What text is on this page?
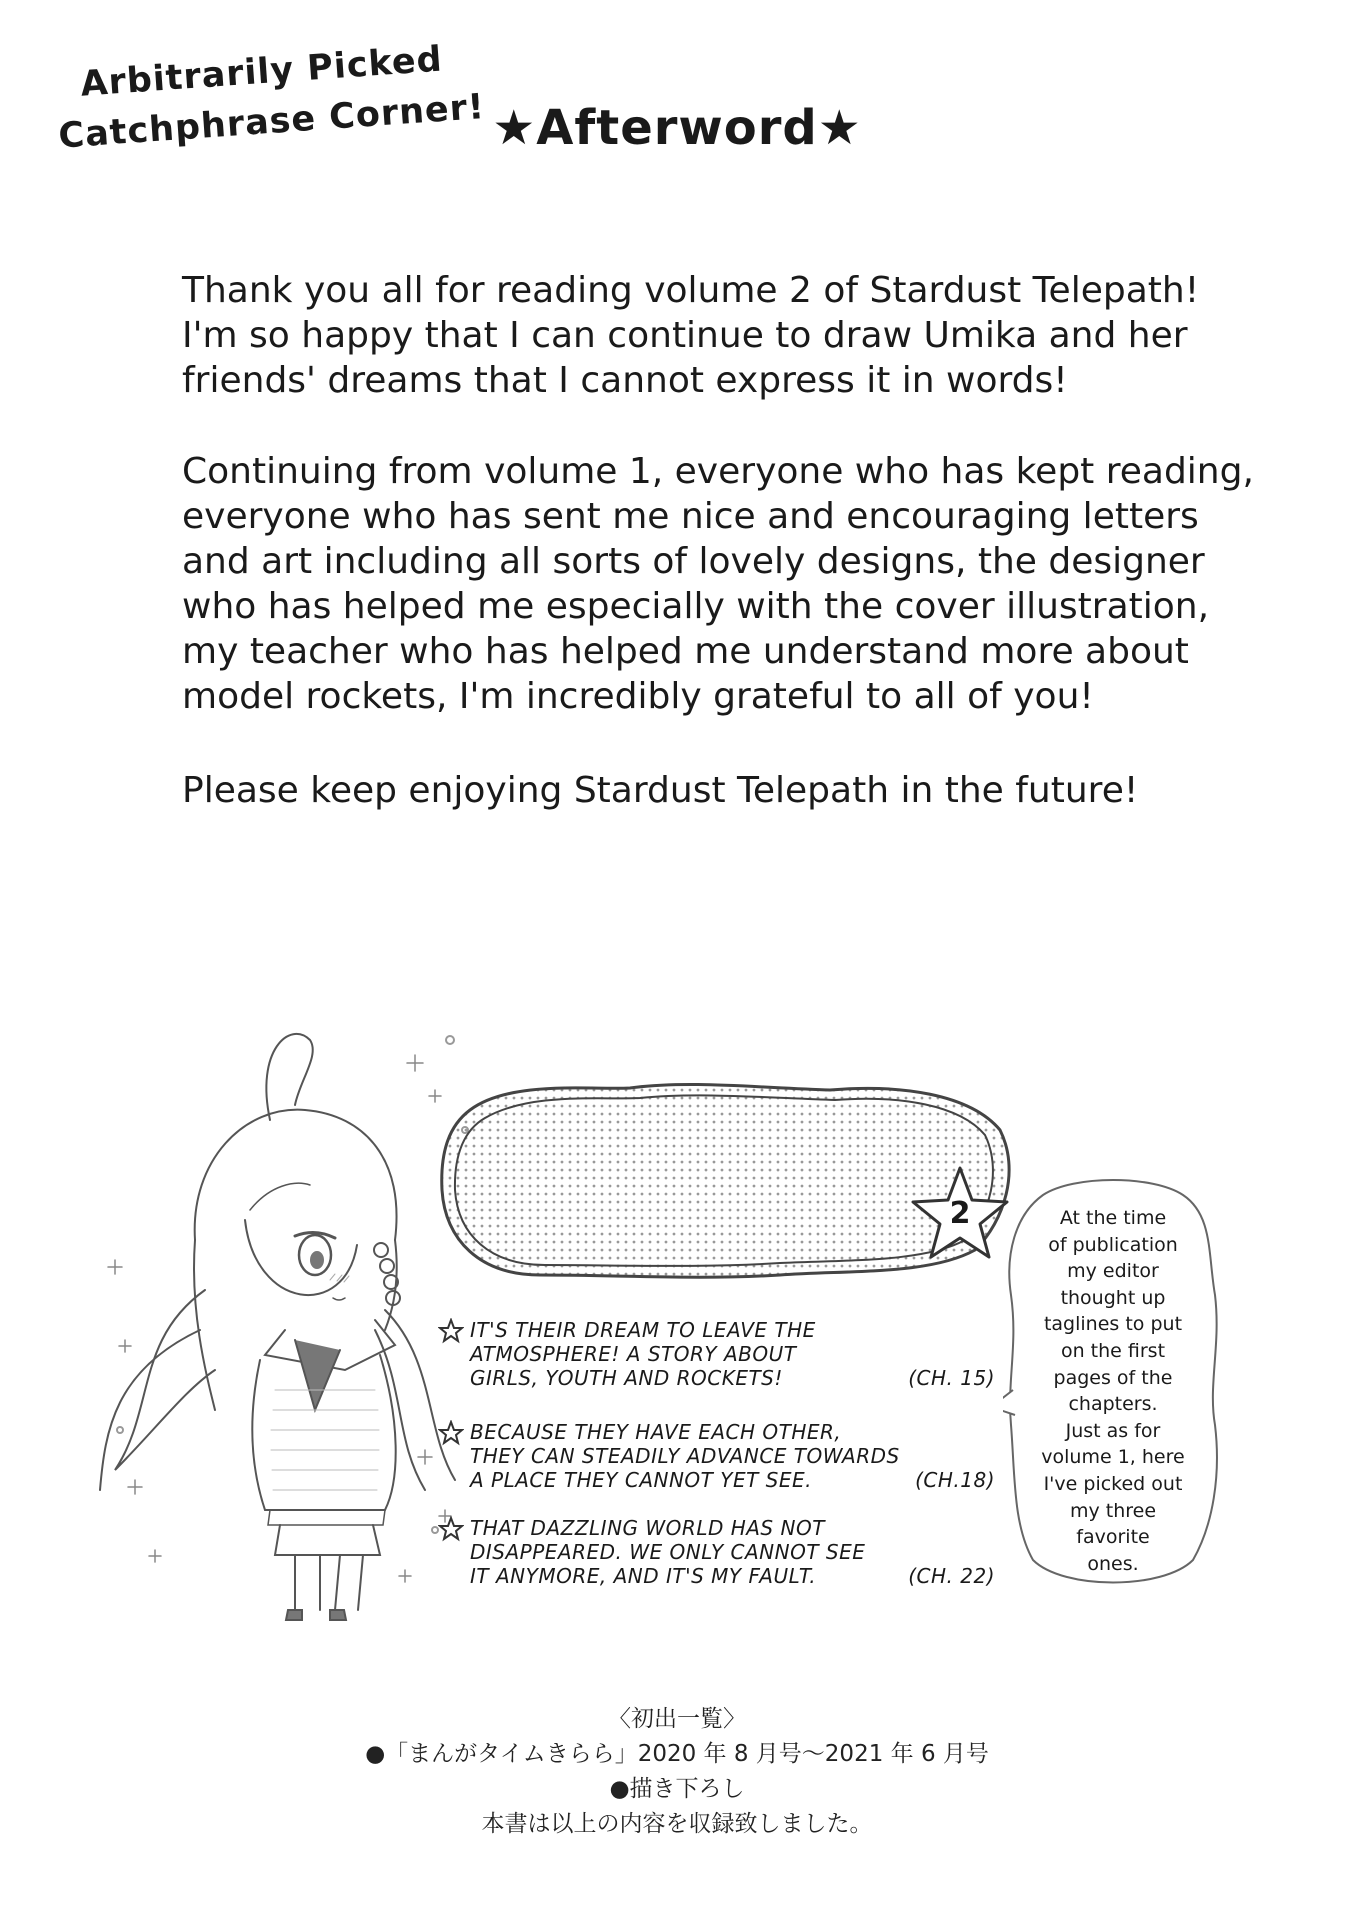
★Afterword★
Thank you all for reading volume 2 of Stardust Telepath!
I'm so happy that I can continue to draw Umika and her
friends' dreams that I cannot express it in words!
Continuing from volume 1, everyone who has kept reading,
everyone who has sent me nice and encouraging letters
and art including all sorts of lovely designs, the designer
who has helped me especially with the cover illustration,
my teacher who has helped me understand more about
model rockets, I'm incredibly grateful to all of you!
Please keep enjoying Stardust Telepath in the future!
Arbitrarily Picked
Catchphrase Corner!
2
IT'S THEIR DREAM TO LEAVE THE
ATMOSPHERE! A STORY ABOUT
GIRLS, YOUTH AND ROCKETS!	(CH. 15)
BECAUSE THEY HAVE EACH OTHER,
THEY CAN STEADILY ADVANCE TOWARDS
A PLACE THEY CANNOT YET SEE.	(CH.18)
THAT DAZZLING WORLD HAS NOT
DISAPPEARED. WE ONLY CANNOT SEE
IT ANYMORE, AND IT'S MY FAULT.	(CH. 22)
At the time
of publication
my editor
thought up
taglines to put
on the first
pages of the
chapters.
Just as for
volume 1, here
I've picked out
my three
favorite
ones.
〈初出一覧〉
●「まんがタイムきらら」2020 年 8 月号〜2021 年 6 月号
●描き下ろし
本書は以上の内容を収録致しました。
